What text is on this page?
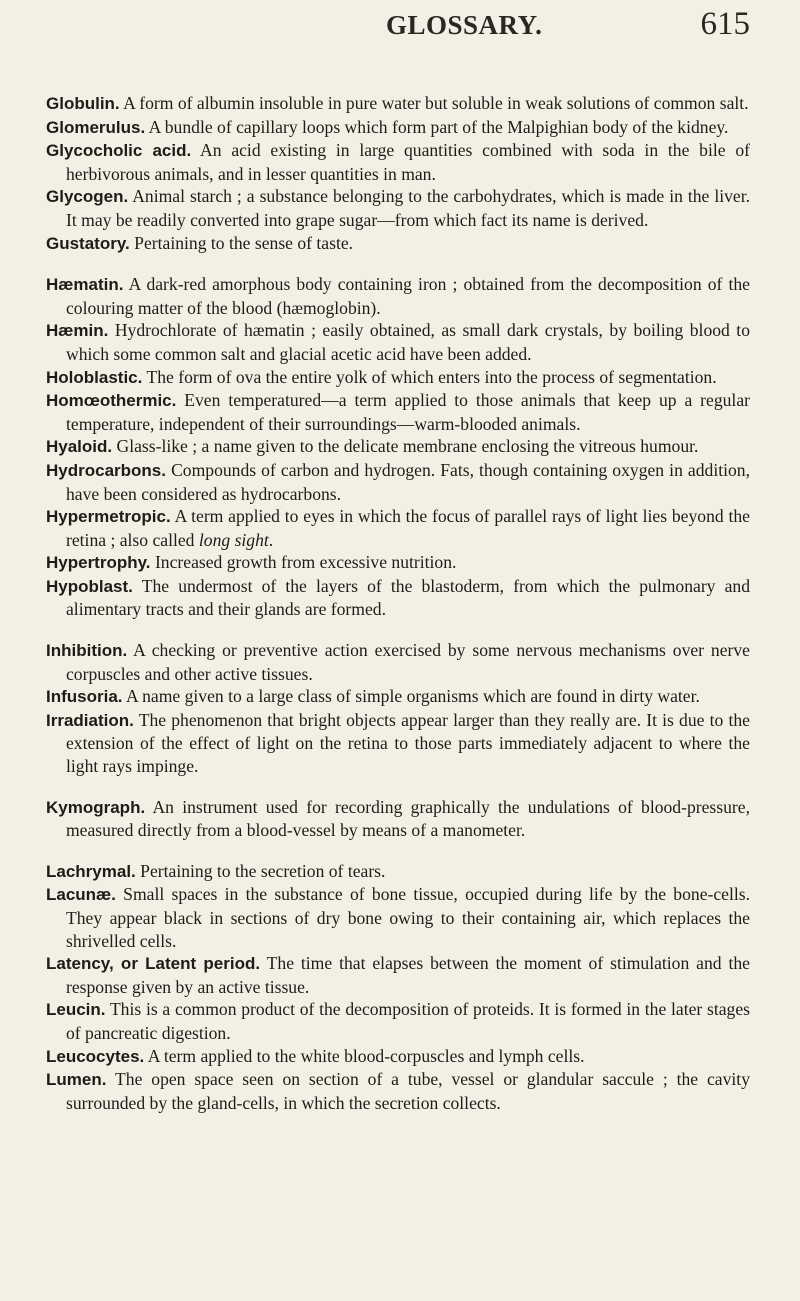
GLOSSARY.	615

Globulin. A form of albumin insoluble in pure water but soluble in weak solutions of common salt.

Glomerulus. A bundle of capillary loops which form part of the Malpighian body of the kidney.

Glycocholic acid. An acid existing in large quantities combined with soda in the bile of herbivorous animals, and in lesser quantities in man.

Glycogen. Animal starch ; a substance belonging to the carbohydrates, which is made in the liver. It may be readily converted into grape sugar—from which fact its name is derived.

Gustatory. Pertaining to the sense of taste.

Hæmatin. A dark-red amorphous body containing iron ; obtained from the decomposition of the colouring matter of the blood (hæmoglobin).

Hæmin. Hydrochlorate of hæmatin ; easily obtained, as small dark crystals, by boiling blood to which some common salt and glacial acetic acid have been added.

Holoblastic. The form of ova the entire yolk of which enters into the process of segmentation.

Homœothermic. Even temperatured—a term applied to those animals that keep up a regular temperature, independent of their surroundings—warm-blooded animals.

Hyaloid. Glass-like ; a name given to the delicate membrane enclosing the vitreous humour.

Hydrocarbons. Compounds of carbon and hydrogen. Fats, though containing oxygen in addition, have been considered as hydrocarbons.

Hypermetropic. A term applied to eyes in which the focus of parallel rays of light lies beyond the retina ; also called long sight.

Hypertrophy. Increased growth from excessive nutrition.

Hypoblast. The undermost of the layers of the blastoderm, from which the pulmonary and alimentary tracts and their glands are formed.

Inhibition. A checking or preventive action exercised by some nervous mechanisms over nerve corpuscles and other active tissues.

Infusoria. A name given to a large class of simple organisms which are found in dirty water.

Irradiation. The phenomenon that bright objects appear larger than they really are. It is due to the extension of the effect of light on the retina to those parts immediately adjacent to where the light rays impinge.

Kymograph. An instrument used for recording graphically the undulations of blood-pressure, measured directly from a blood-vessel by means of a manometer.

Lachrymal. Pertaining to the secretion of tears.

Lacunæ. Small spaces in the substance of bone tissue, occupied during life by the bone-cells. They appear black in sections of dry bone owing to their containing air, which replaces the shrivelled cells.

Latency, or Latent period. The time that elapses between the moment of stimulation and the response given by an active tissue.

Leucin. This is a common product of the decomposition of proteids. It is formed in the later stages of pancreatic digestion.

Leucocytes. A term applied to the white blood-corpuscles and lymph cells.

Lumen. The open space seen on section of a tube, vessel or glandular saccule ; the cavity surrounded by the gland-cells, in which the secretion collects.
